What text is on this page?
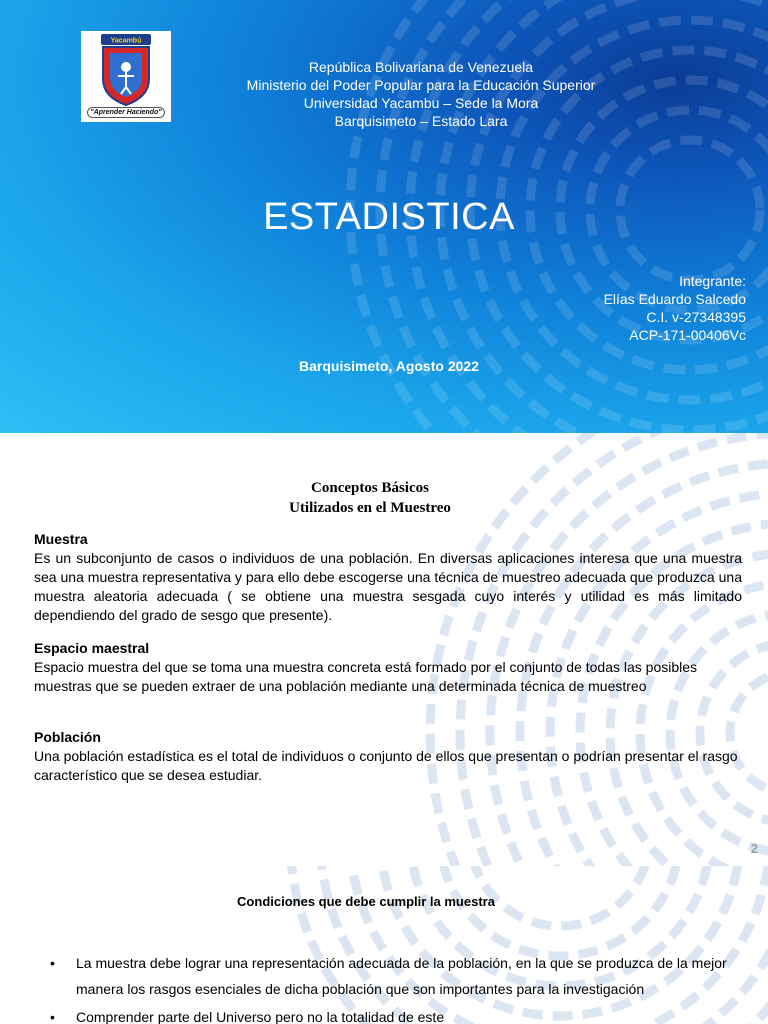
Yacambú
"Aprender Haciendo"
República Bolivariana de Venezuela
Ministerio del Poder Popular para la Educación Superior
Universidad Yacambu – Sede la Mora
Barquisimeto – Estado Lara
ESTADISTICA
Integrante:
Elías Eduardo Salcedo
C.I. v-27348395
ACP-171-00406Vc
Barquisimeto, Agosto 2022
Conceptos Básicos
Utilizados en el Muestreo
Muestra

Es un subconjunto de casos o individuos de una población. En diversas aplicaciones interesa que una muestra sea una muestra representativa y para ello debe escogerse una técnica de muestreo adecuada que produzca una muestra aleatoria adecuada ( se obtiene una muestra sesgada cuyo interés y utilidad es más limitado dependiendo del grado de sesgo que presente).

Espacio maestral

Espacio muestra del que se toma una muestra concreta está formado por el conjunto de todas las posibles muestras que se pueden extraer de una población mediante una determinada técnica de muestreo

Población

Una población estadística es el total de individuos o conjunto de ellos que presentan o podrían presentar el rasgo característico que se desea estudiar.

2
Condiciones que debe cumplir la muestra
• La muestra debe lograr una representación adecuada de la población, en la que se produzca de la mejor manera los rasgos esenciales de dicha población que son importantes para la investigación
• Comprender parte del Universo pero no la totalidad de este
